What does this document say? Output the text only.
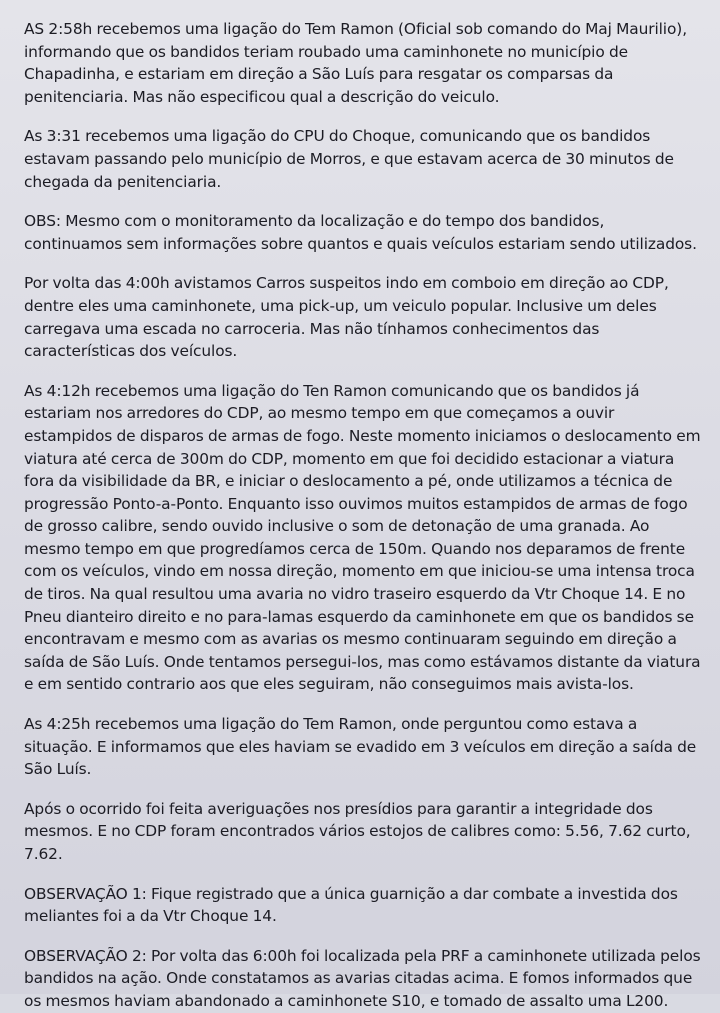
AS 2:58h recebemos uma ligação do Tem Ramon (Oficial sob comando do Maj Maurilio), informando que os bandidos teriam roubado uma caminhonete no município de Chapadinha, e estariam em direção a São Luís para resgatar os comparsas da penitenciaria. Mas não especificou qual a descrição do veiculo.

As 3:31 recebemos uma ligação do CPU do Choque, comunicando que os bandidos estavam passando pelo município de Morros, e que estavam acerca de 30 minutos de chegada da penitenciaria.

OBS: Mesmo com o monitoramento da localização e do tempo dos bandidos, continuamos sem informações sobre quantos e quais veículos estariam sendo utilizados.

Por volta das 4:00h avistamos Carros suspeitos indo em comboio em direção ao CDP, dentre eles uma caminhonete, uma pick-up, um veiculo popular. Inclusive um deles carregava uma escada no carroceria. Mas não tínhamos conhecimentos das características dos veículos.

As 4:12h recebemos uma ligação do Ten Ramon comunicando que os bandidos já estariam nos arredores do CDP, ao mesmo tempo em que começamos a ouvir estampidos de disparos de armas de fogo. Neste momento iniciamos o deslocamento em viatura até cerca de 300m do CDP, momento em que foi decidido estacionar a viatura fora da visibilidade da BR, e iniciar o deslocamento a pé, onde utilizamos a técnica de progressão Ponto-a-Ponto. Enquanto isso ouvimos muitos estampidos de armas de fogo de grosso calibre, sendo ouvido inclusive o som de detonação de uma granada. Ao mesmo tempo em que progredíamos cerca de 150m. Quando nos deparamos de frente com os veículos, vindo em nossa direção, momento em que iniciou-se uma intensa troca de tiros. Na qual resultou uma avaria no vidro traseiro esquerdo da Vtr Choque 14. E no Pneu dianteiro direito e no para-lamas esquerdo da caminhonete em que os bandidos se encontravam e mesmo com as avarias os mesmo continuaram seguindo em direção a saída de São Luís. Onde tentamos persegui-los, mas como estávamos distante da viatura e em sentido contrario aos que eles seguiram, não conseguimos mais avista-los.

As 4:25h recebemos uma ligação do Tem Ramon, onde perguntou como estava a situação. E informamos que eles haviam se evadido em 3 veículos em direção a saída de São Luís.

Após o ocorrido foi feita averiguações nos presídios para garantir a integridade dos mesmos. E no CDP foram encontrados vários estojos de calibres como: 5.56, 7.62 curto, 7.62.

OBSERVAÇÃO 1: Fique registrado que a única guarnição a dar combate a investida dos meliantes foi a da Vtr Choque 14.

OBSERVAÇÃO 2: Por volta das 6:00h foi localizada pela PRF a caminhonete utilizada pelos bandidos na ação. Onde constatamos as avarias citadas acima. E fomos informados que os mesmos haviam abandonado a caminhonete S10, e tomado de assalto uma L200.
